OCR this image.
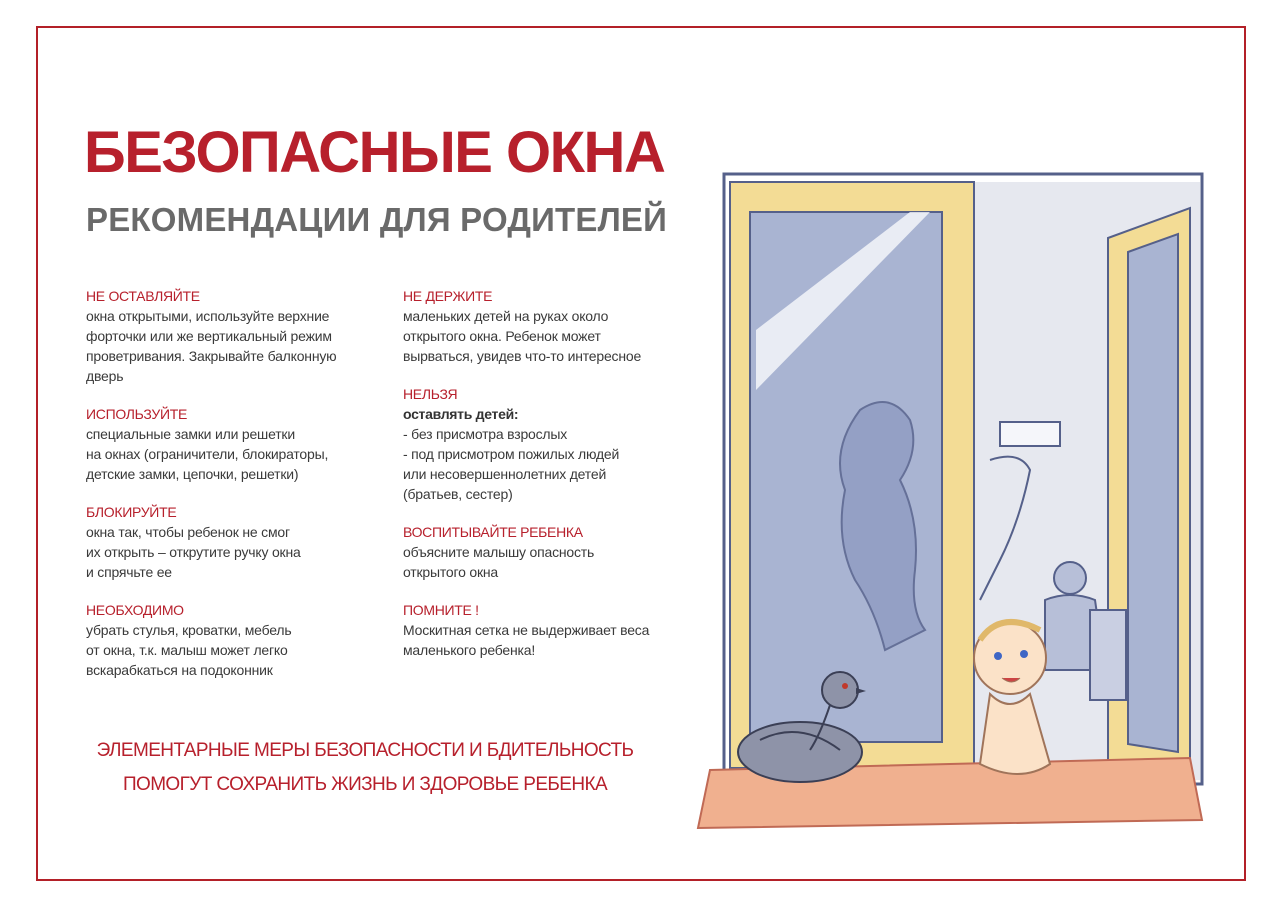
БЕЗОПАСНЫЕ ОКНА
РЕКОМЕНДАЦИИ ДЛЯ РОДИТЕЛЕЙ
НЕ ОСТАВЛЯЙТЕ
окна открытыми, используйте верхние
форточки или же вертикальный режим
проветривания. Закрывайте балконную
дверь
ИСПОЛЬЗУЙТЕ
специальные замки или решетки
на окнах (ограничители, блокираторы,
детские замки, цепочки, решетки)
БЛОКИРУЙТЕ
окна так, чтобы ребенок не смог
их открыть – открутите ручку окна
и спрячьте ее
НЕОБХОДИМО
убрать стулья, кроватки, мебель
от окна, т.к. малыш может легко
вскарабкаться на подоконник
НЕ ДЕРЖИТЕ
маленьких детей на руках около
открытого окна. Ребенок может
вырваться, увидев что-то интересное
НЕЛЬЗЯ
оставлять детей:
- без присмотра взрослых
- под присмотром пожилых людей
или несовершеннолетних детей
(братьев, сестер)
ВОСПИТЫВАЙТЕ РЕБЕНКА
объясните малышу опасность
открытого окна
ПОМНИТЕ !
Москитная сетка не выдерживает веса
маленького ребенка!
ЭЛЕМЕНТАРНЫЕ МЕРЫ БЕЗОПАСНОСТИ И БДИТЕЛЬНОСТЬ
ПОМОГУТ СОХРАНИТЬ ЖИЗНЬ И ЗДОРОВЬЕ РЕБЕНКА
